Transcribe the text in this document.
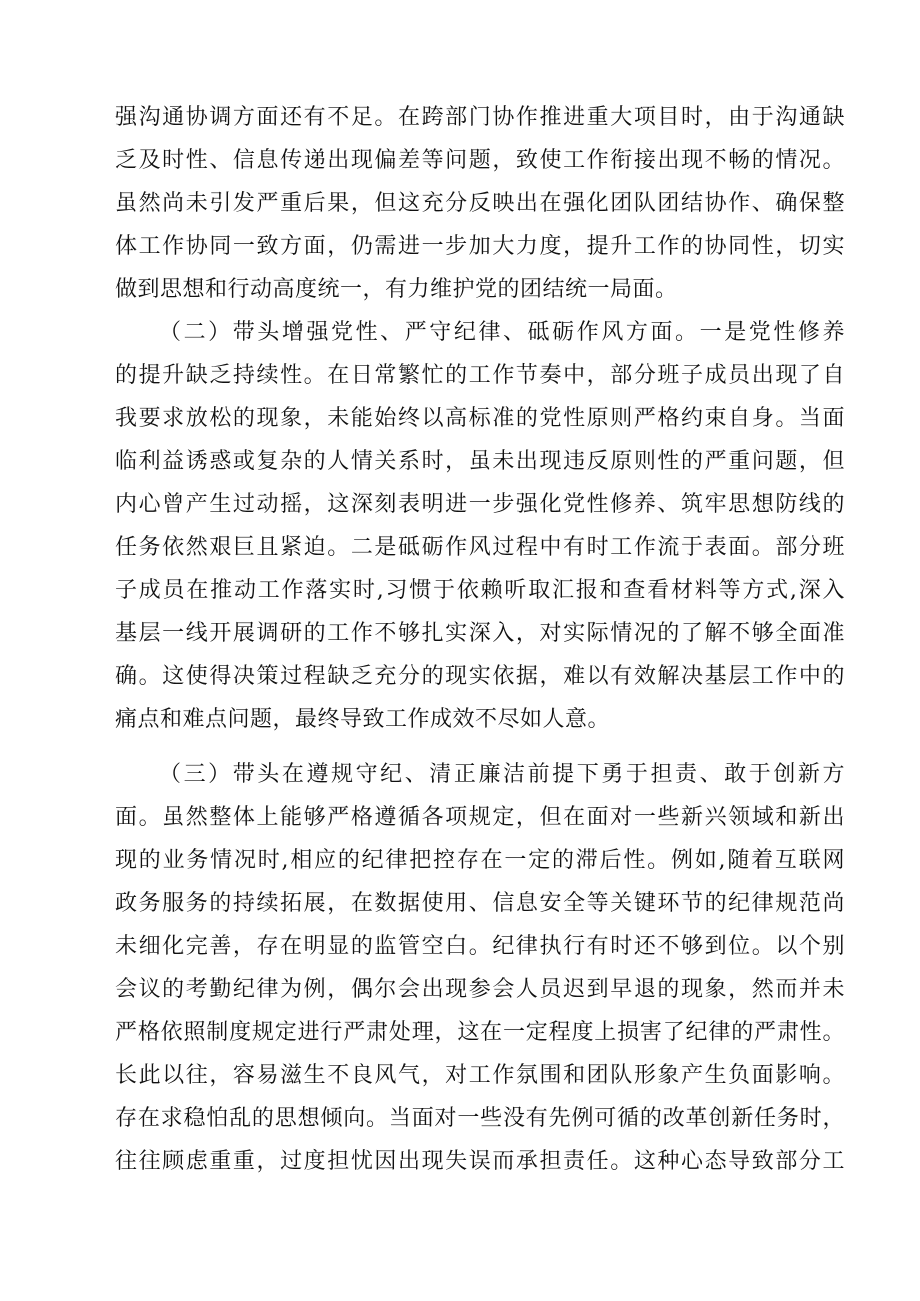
强沟通协调方面还有不足。在跨部门协作推进重大项目时，由于沟通缺
乏及时性、信息传递出现偏差等问题，致使工作衔接出现不畅的情况。
虽然尚未引发严重后果，但这充分反映出在强化团队团结协作、确保整
体工作协同一致方面，仍需进一步加大力度，提升工作的协同性，切实
做到思想和行动高度统一，有力维护党的团结统一局面。
（二）带头增强党性、严守纪律、砥砺作风方面。一是党性修养
的提升缺乏持续性。在日常繁忙的工作节奏中，部分班子成员出现了自
我要求放松的现象，未能始终以高标准的党性原则严格约束自身。当面
临利益诱惑或复杂的人情关系时，虽未出现违反原则性的严重问题，但
内心曾产生过动摇，这深刻表明进一步强化党性修养、筑牢思想防线的
任务依然艰巨且紧迫。二是砥砺作风过程中有时工作流于表面。部分班
子成员在推动工作落实时,习惯于依赖听取汇报和查看材料等方式,深入
基层一线开展调研的工作不够扎实深入，对实际情况的了解不够全面准
确。这使得决策过程缺乏充分的现实依据，难以有效解决基层工作中的
痛点和难点问题，最终导致工作成效不尽如人意。
（三）带头在遵规守纪、清正廉洁前提下勇于担责、敢于创新方
面。虽然整体上能够严格遵循各项规定，但在面对一些新兴领域和新出
现的业务情况时,相应的纪律把控存在一定的滞后性。例如,随着互联网
政务服务的持续拓展，在数据使用、信息安全等关键环节的纪律规范尚
未细化完善，存在明显的监管空白。纪律执行有时还不够到位。以个别
会议的考勤纪律为例，偶尔会出现参会人员迟到早退的现象，然而并未
严格依照制度规定进行严肃处理，这在一定程度上损害了纪律的严肃性。
长此以往，容易滋生不良风气，对工作氛围和团队形象产生负面影响。
存在求稳怕乱的思想倾向。当面对一些没有先例可循的改革创新任务时，
往往顾虑重重，过度担忧因出现失误而承担责任。这种心态导致部分工
